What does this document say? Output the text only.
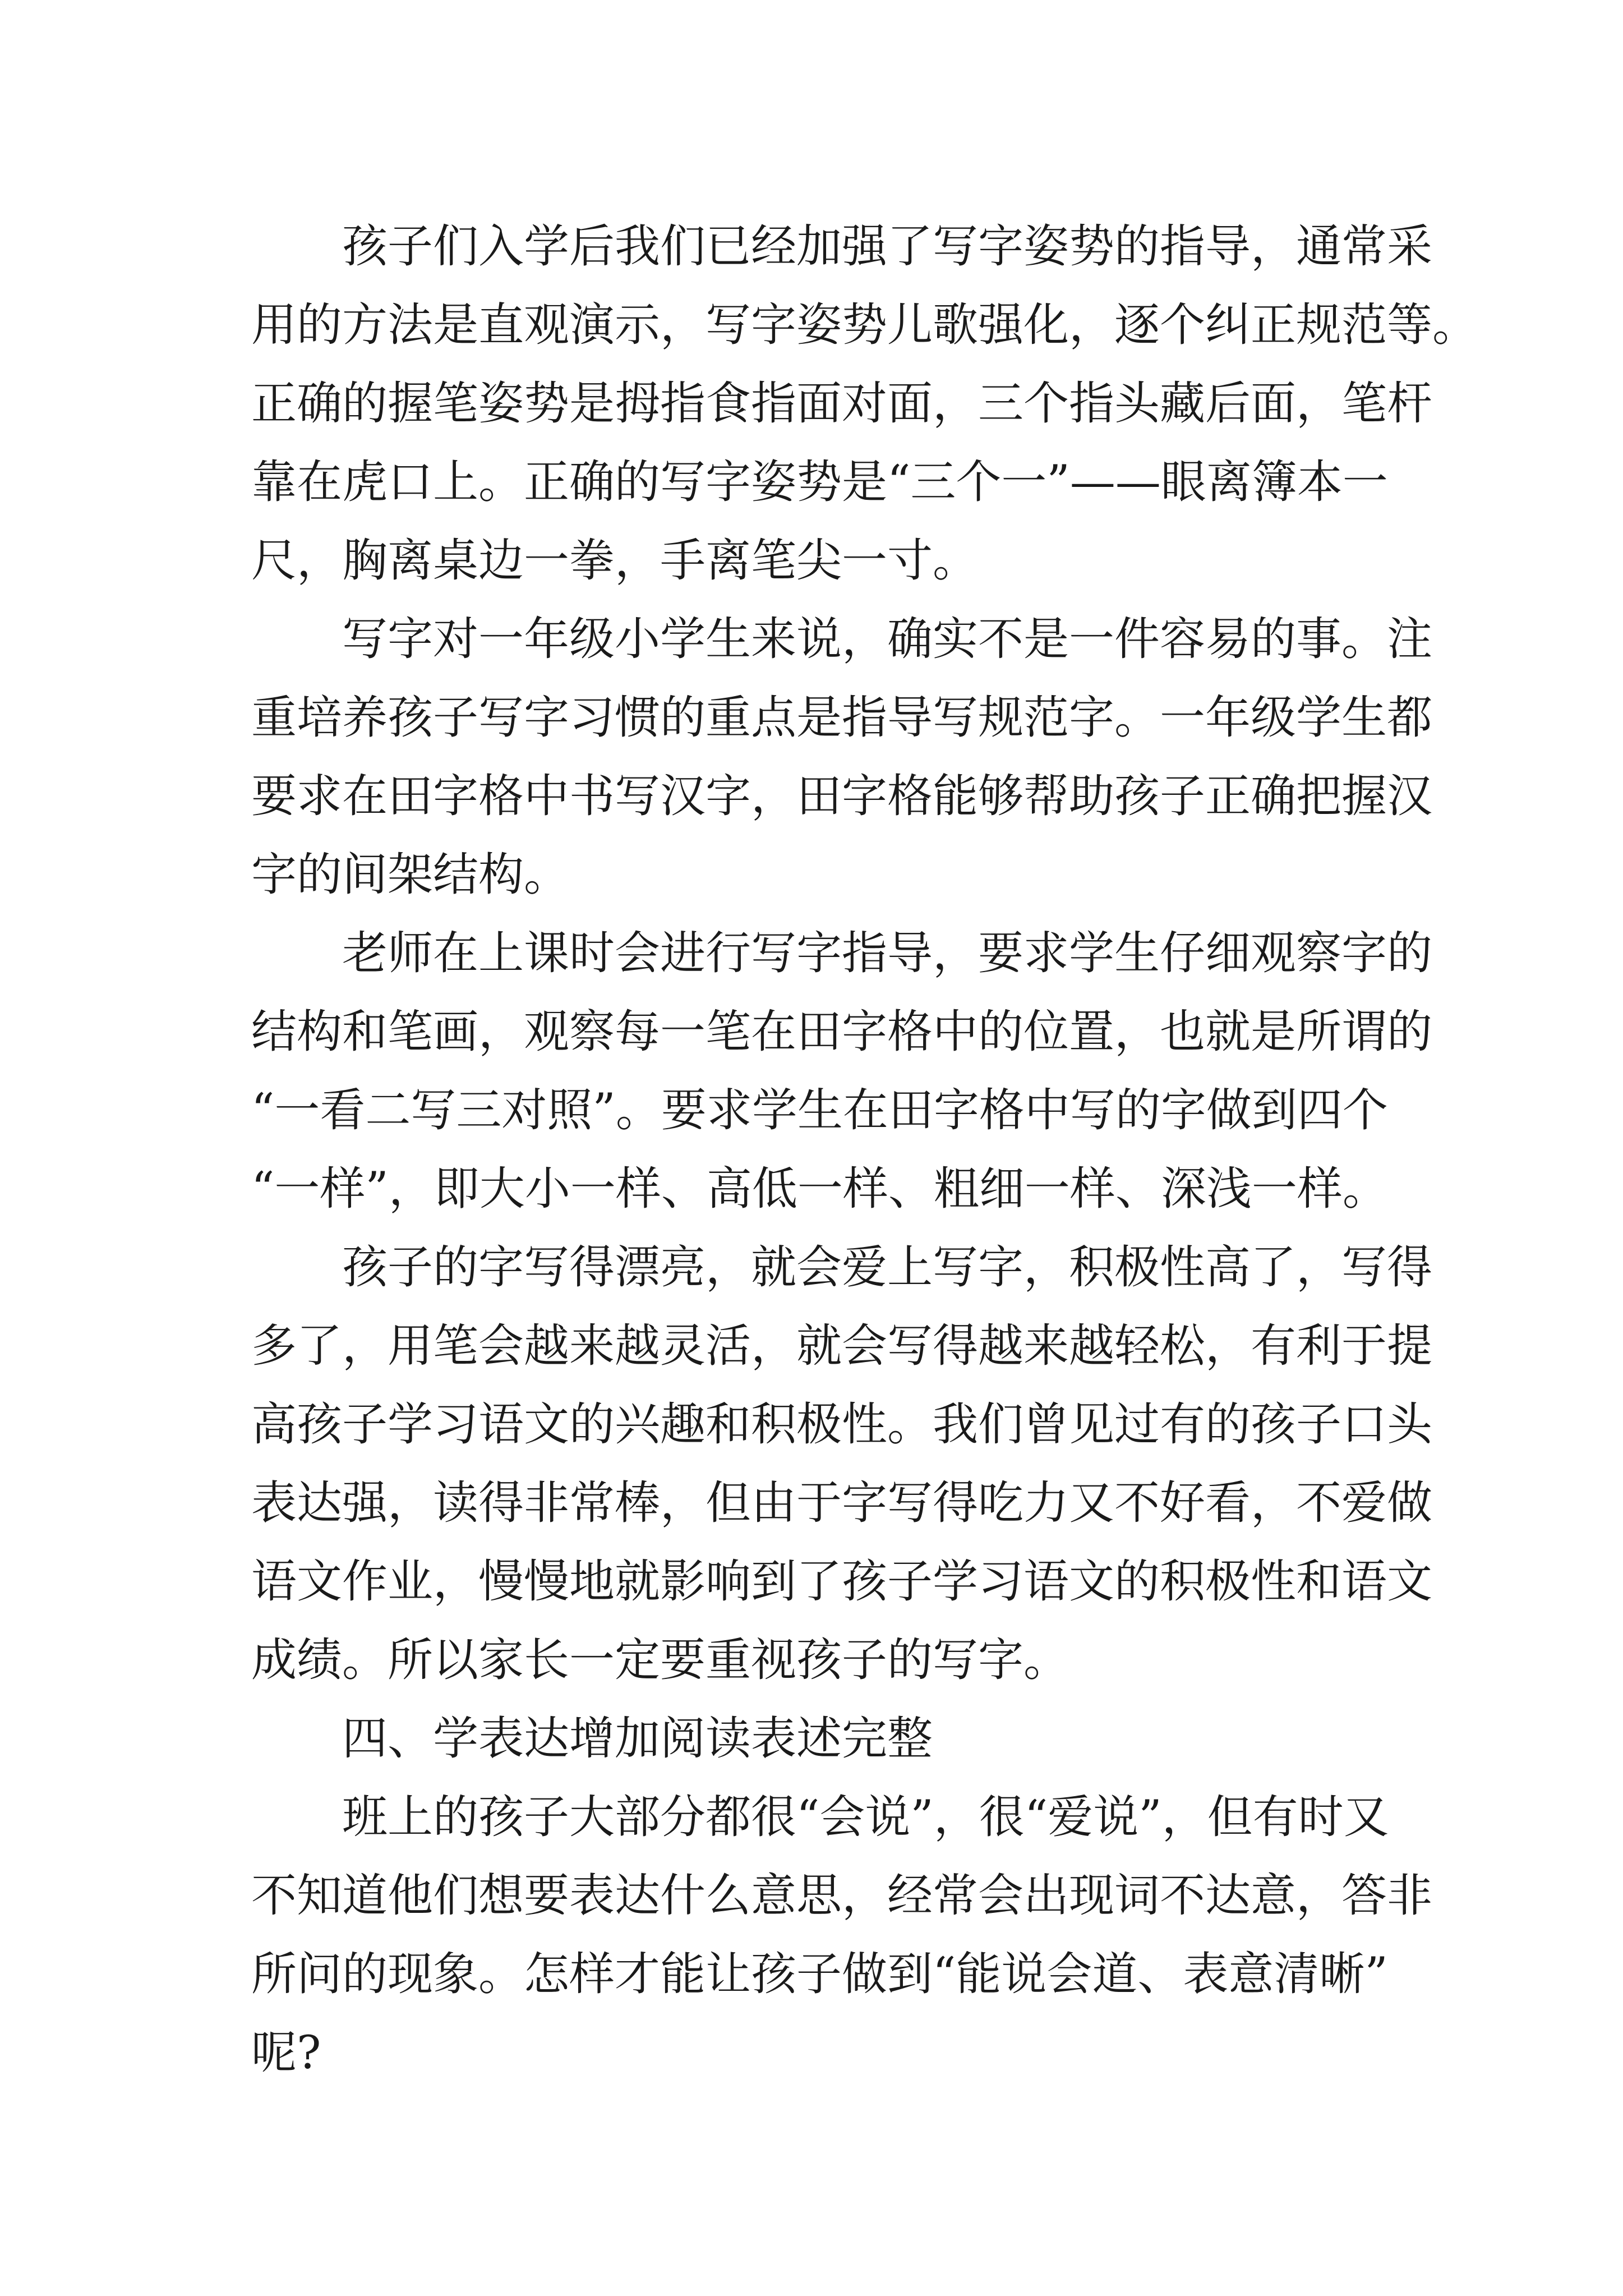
孩子们入学后我们已经加强了写字姿势的指导，通常采
用的方法是直观演示，写字姿势儿歌强化，逐个纠正规范等。
正确的握笔姿势是拇指食指面对面，三个指头藏后面，笔杆
靠在虎口上。正确的写字姿势是“三个一”——眼离簿本一
尺，胸离桌边一拳，手离笔尖一寸。
写字对一年级小学生来说，确实不是一件容易的事。注
重培养孩子写字习惯的重点是指导写规范字。一年级学生都
要求在田字格中书写汉字，田字格能够帮助孩子正确把握汉
字的间架结构。
老师在上课时会进行写字指导，要求学生仔细观察字的
结构和笔画，观察每一笔在田字格中的位置，也就是所谓的
“一看二写三对照”。要求学生在田字格中写的字做到四个
“一样”，即大小一样、高低一样、粗细一样、深浅一样。
孩子的字写得漂亮，就会爱上写字，积极性高了，写得
多了，用笔会越来越灵活，就会写得越来越轻松，有利于提
高孩子学习语文的兴趣和积极性。我们曾见过有的孩子口头
表达强，读得非常棒，但由于字写得吃力又不好看，不爱做
语文作业，慢慢地就影响到了孩子学习语文的积极性和语文
成绩。所以家长一定要重视孩子的写字。
四、学表达增加阅读表述完整
班上的孩子大部分都很“会说”，很“爱说”，但有时又
不知道他们想要表达什么意思，经常会出现词不达意，答非
所问的现象。怎样才能让孩子做到“能说会道、表意清晰”
呢?
